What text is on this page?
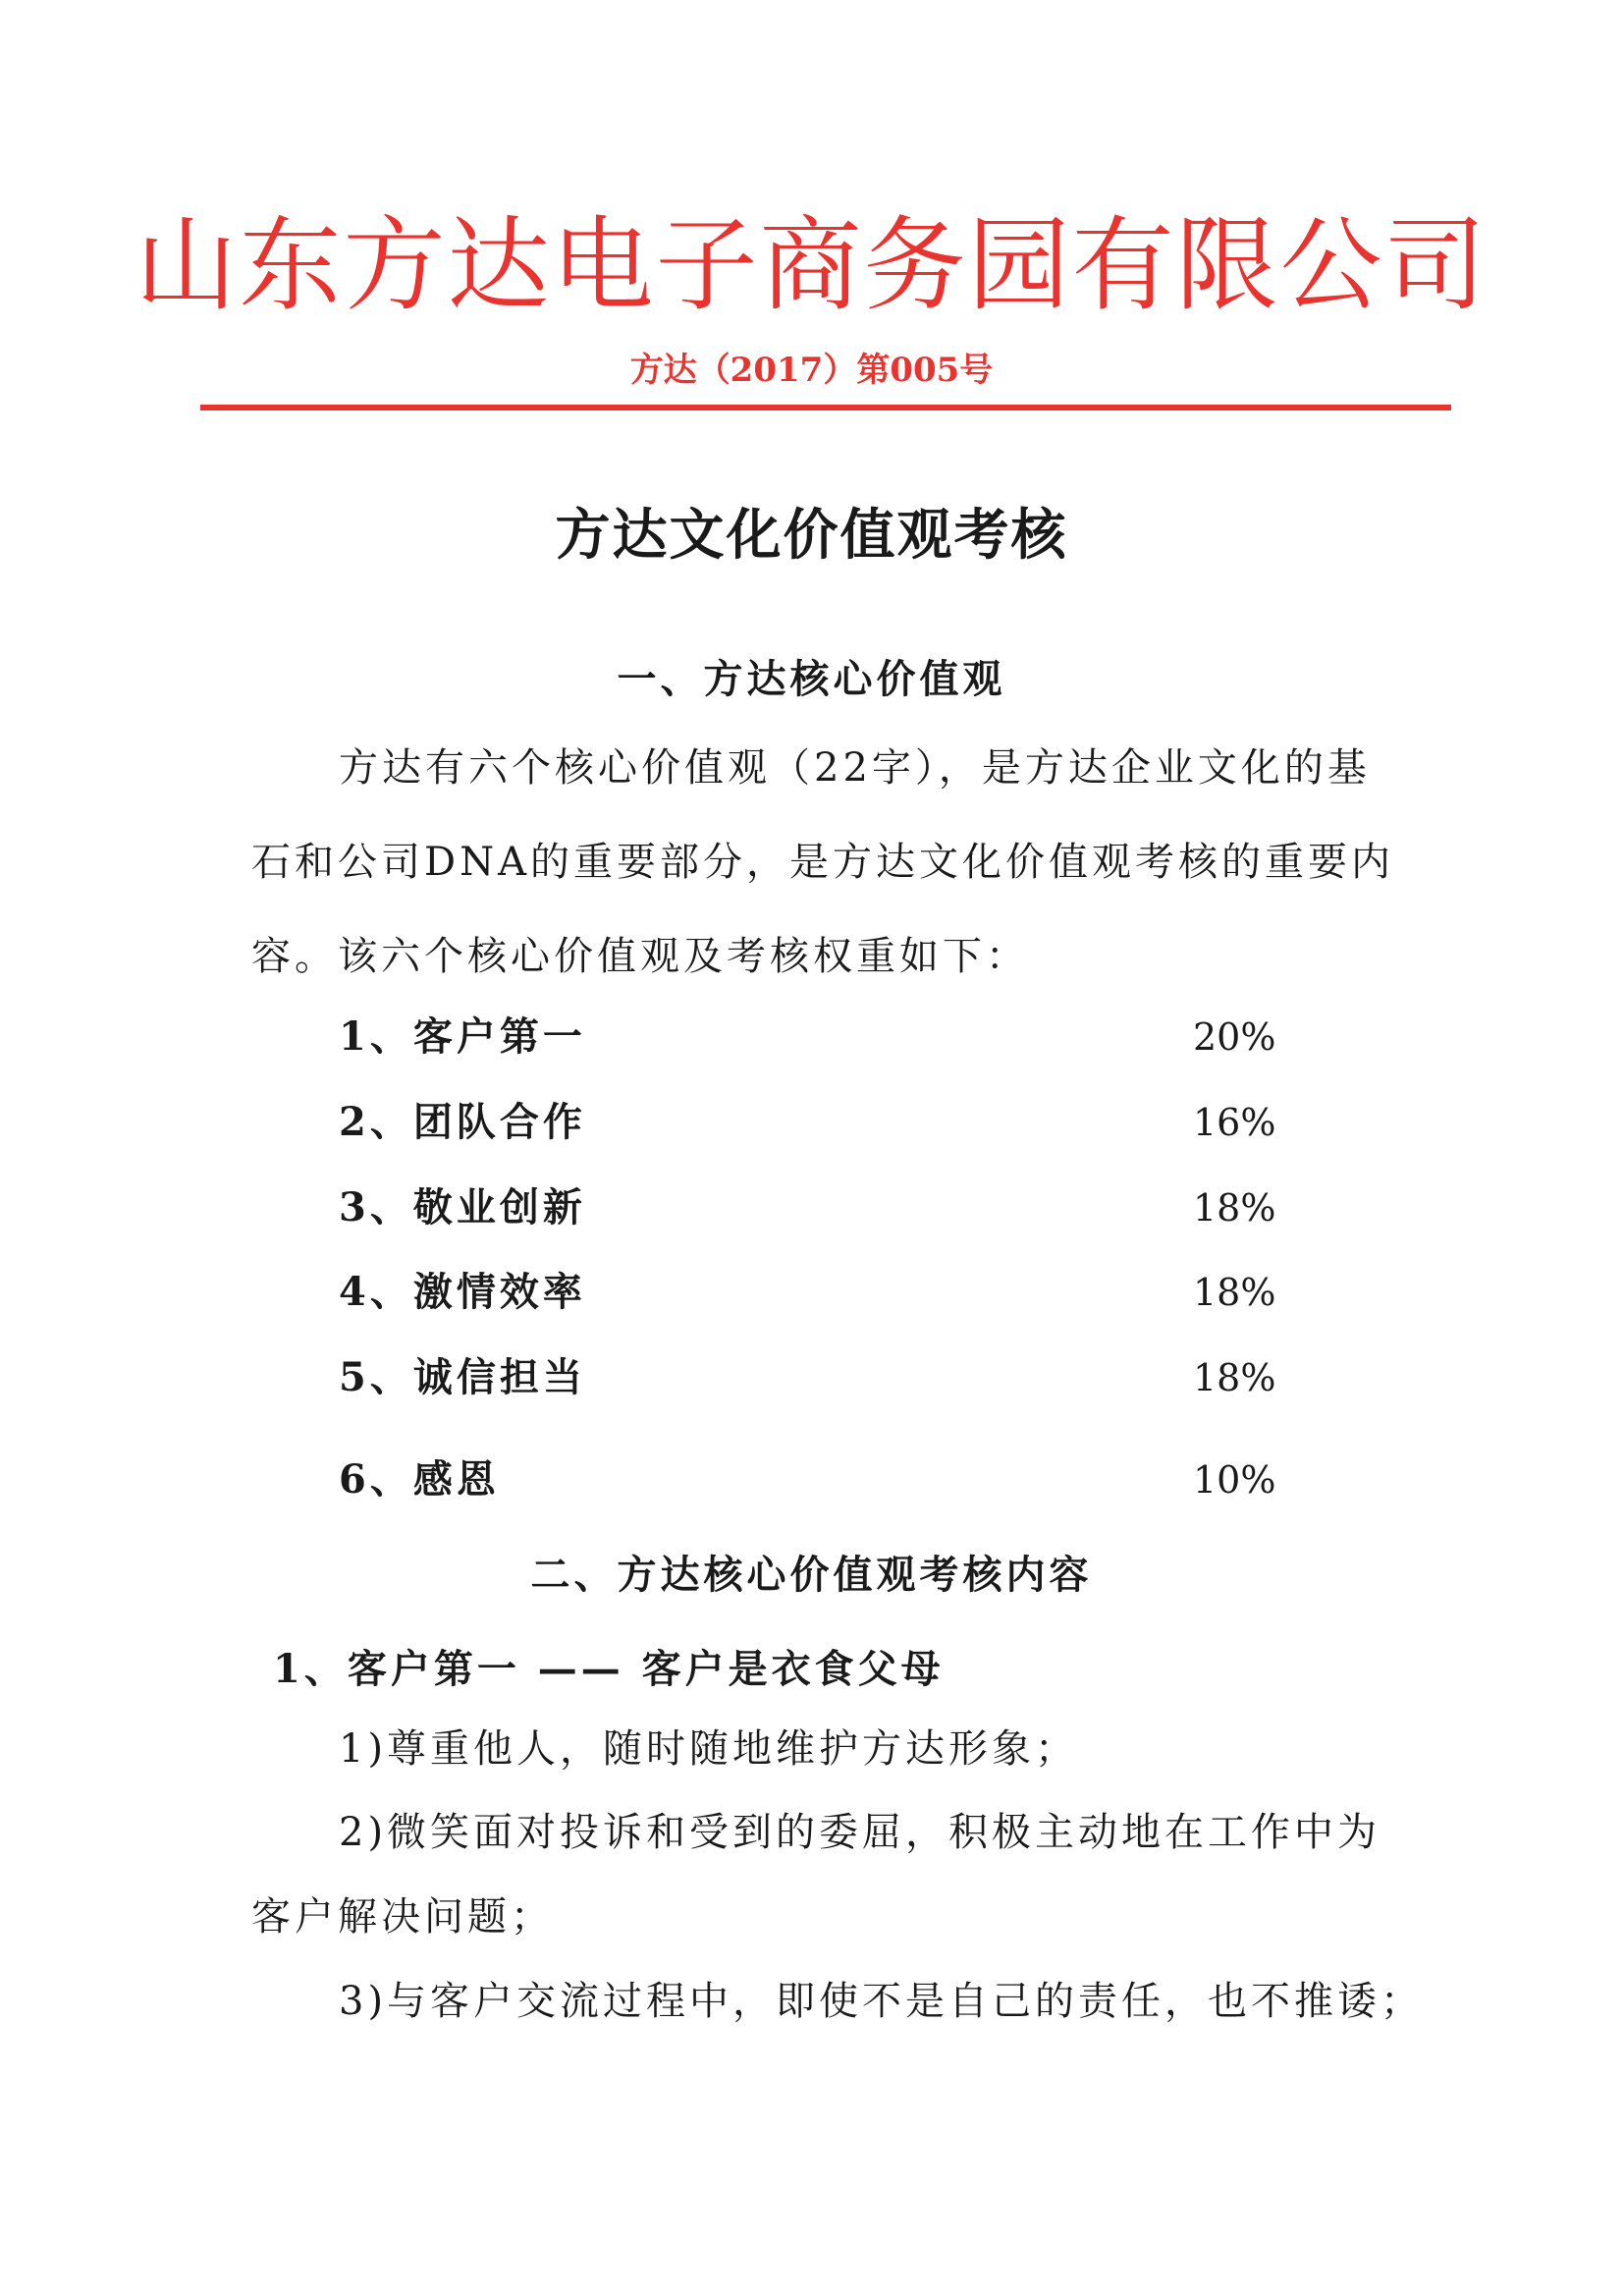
山东方达电子商务园有限公司
方达（2017）第005号
方达文化价值观考核
一、方达核心价值观
方达有六个核心价值观（22字），是方达企业文化的基
石和公司DNA的重要部分，是方达文化价值观考核的重要内
容。该六个核心价值观及考核权重如下：
1、客户第一	20%
2、团队合作	16%
3、敬业创新	18%
4、激情效率	18%
5、诚信担当	18%
6、感恩	10%
二、方达核心价值观考核内容
1、客户第一 —— 客户是衣食父母
1)尊重他人，随时随地维护方达形象；
2)微笑面对投诉和受到的委屈，积极主动地在工作中为
客户解决问题；
3)与客户交流过程中，即使不是自己的责任，也不推诿；
